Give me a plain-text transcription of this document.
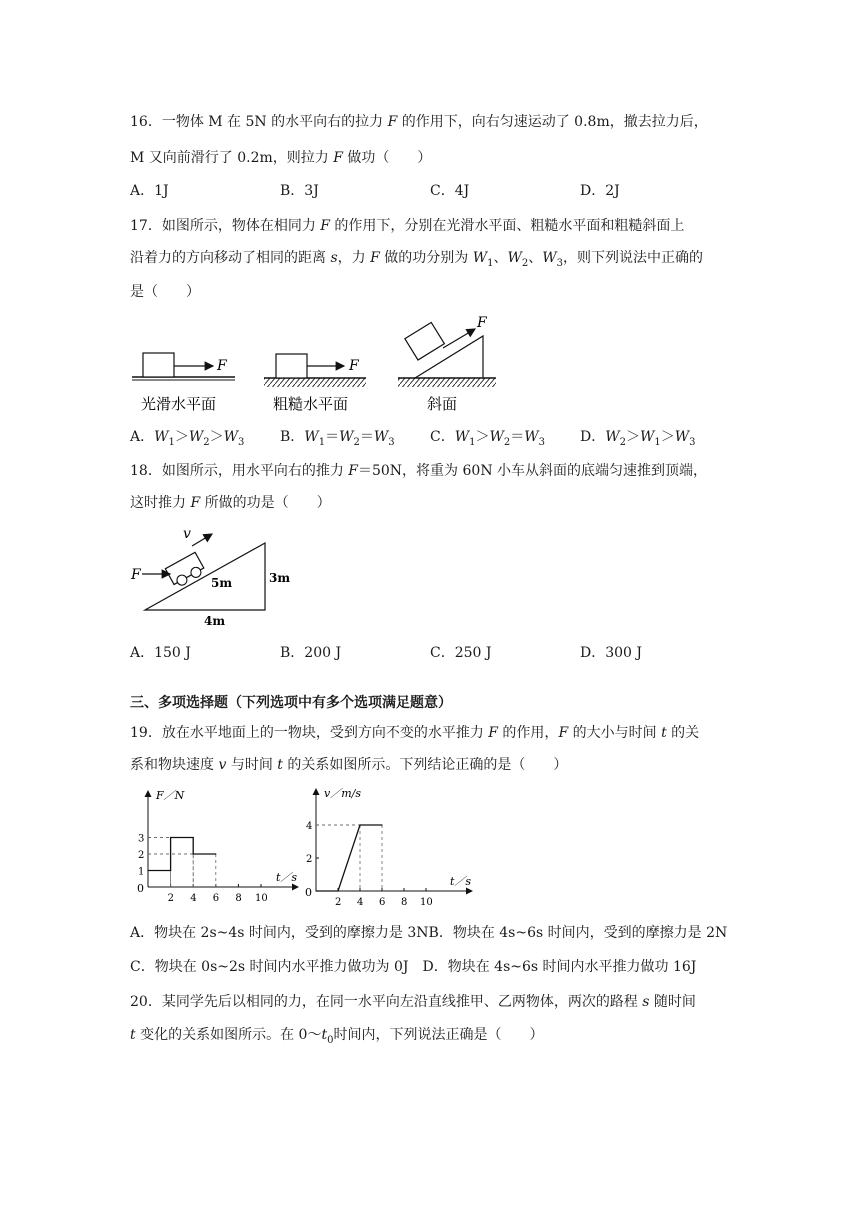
16．一物体 M 在 5N 的水平向右的拉力 F 的作用下，向右匀速运动了 0.8m，撤去拉力后，
M 又向前滑行了 0.2m，则拉力 F 做功（　　）
A．1J	B．3J	C．4J	D．2J
17．如图所示，物体在相同力 F 的作用下，分别在光滑水平面、粗糙水平面和粗糙斜面上
沿着力的方向移动了相同的距离 s，力 F 做的功分别为 $W_1$、$W_2$、$W_3$，则下列说法中正确的
是（　　）
F
光滑水平面
F
粗糙水平面
F
斜面
A．$W_1>W_2>W_3$	B．$W_1=W_2=W_3$	C．$W_1>W_2=W_3$ D．$W_2>W_1>W_3$
18．如图所示，用水平向右的推力 F＝50N，将重为 60N 小车从斜面的底端匀速推到顶端，
这时推力 F 所做的功是（　　）
F
v
5m	3m
4m
A．150 J	B．200 J	C．250 J	D．300 J
三、多项选择题（下列选项中有多个选项满足题意）
19．放在水平地面上的一物块，受到方向不变的水平推力 F 的作用，F 的大小与时间 t 的关
系和物块速度 v 与时间 t 的关系如图所示。下列结论正确的是（　　）
F／N
t／s
0
2 4 6 8 10
1
2
3
v／m/s
t／s
0
2 4 6 8 10
2
4
A．物块在 2s~4s 时间内，受到的摩擦力是 3NB．物块在 4s~6s 时间内，受到的摩擦力是 2N
C．物块在 0s~2s 时间内水平推力做功为 0J　D．物块在 4s~6s 时间内水平推力做功 16J
20．某同学先后以相同的力，在同一水平向左沿直线推甲、乙两物体，两次的路程 s 随时间
t 变化的关系如图所示。在 $0\sim t_0$时间内，下列说法正确是（　　）
